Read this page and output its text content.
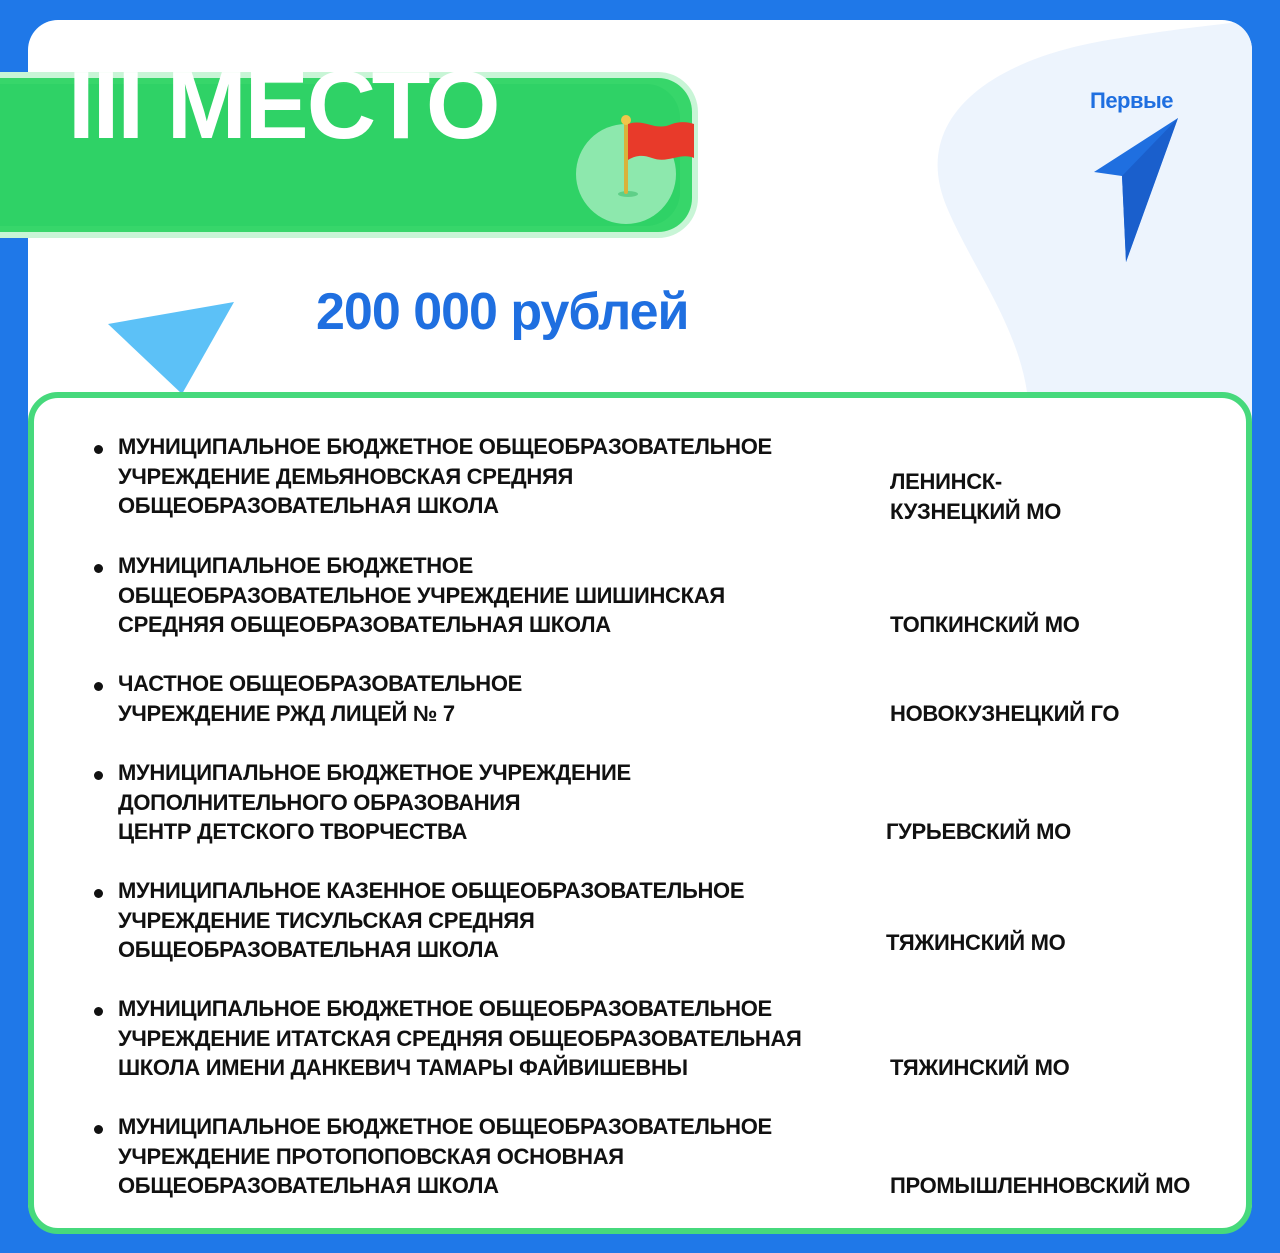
III МЕСТО
200 000 рублей
Первые
МУНИЦИПАЛЬНОЕ БЮДЖЕТНОЕ ОБЩЕОБРАЗОВАТЕЛЬНОЕ
УЧРЕЖДЕНИЕ ДЕМЬЯНОВСКАЯ СРЕДНЯЯ
ОБЩЕОБРАЗОВАТЕЛЬНАЯ ШКОЛА
ЛЕНИНСК-
КУЗНЕЦКИЙ МО
МУНИЦИПАЛЬНОЕ БЮДЖЕТНОЕ
ОБЩЕОБРАЗОВАТЕЛЬНОЕ УЧРЕЖДЕНИЕ ШИШИНСКАЯ
СРЕДНЯЯ ОБЩЕОБРАЗОВАТЕЛЬНАЯ ШКОЛА	ТОПКИНСКИЙ МО
ЧАСТНОЕ ОБЩЕОБРАЗОВАТЕЛЬНОЕ
УЧРЕЖДЕНИЕ РЖД ЛИЦЕЙ № 7	НОВОКУЗНЕЦКИЙ ГО
МУНИЦИПАЛЬНОЕ БЮДЖЕТНОЕ УЧРЕЖДЕНИЕ
ДОПОЛНИТЕЛЬНОГО ОБРАЗОВАНИЯ
ЦЕНТР ДЕТСКОГО ТВОРЧЕСТВА	ГУРЬЕВСКИЙ МО
МУНИЦИПАЛЬНОЕ КАЗЕННОЕ ОБЩЕОБРАЗОВАТЕЛЬНОЕ
УЧРЕЖДЕНИЕ ТИСУЛЬСКАЯ СРЕДНЯЯ
ОБЩЕОБРАЗОВАТЕЛЬНАЯ ШКОЛА	ТЯЖИНСКИЙ МО
МУНИЦИПАЛЬНОЕ БЮДЖЕТНОЕ ОБЩЕОБРАЗОВАТЕЛЬНОЕ
УЧРЕЖДЕНИЕ ИТАТСКАЯ СРЕДНЯЯ ОБЩЕОБРАЗОВАТЕЛЬНАЯ
ШКОЛА ИМЕНИ ДАНКЕВИЧ ТАМАРЫ ФАЙВИШЕВНЫ	ТЯЖИНСКИЙ МО
МУНИЦИПАЛЬНОЕ БЮДЖЕТНОЕ ОБЩЕОБРАЗОВАТЕЛЬНОЕ
УЧРЕЖДЕНИЕ ПРОТОПОПОВСКАЯ ОСНОВНАЯ
ОБЩЕОБРАЗОВАТЕЛЬНАЯ ШКОЛА	ПРОМЫШЛЕННОВСКИЙ МО
